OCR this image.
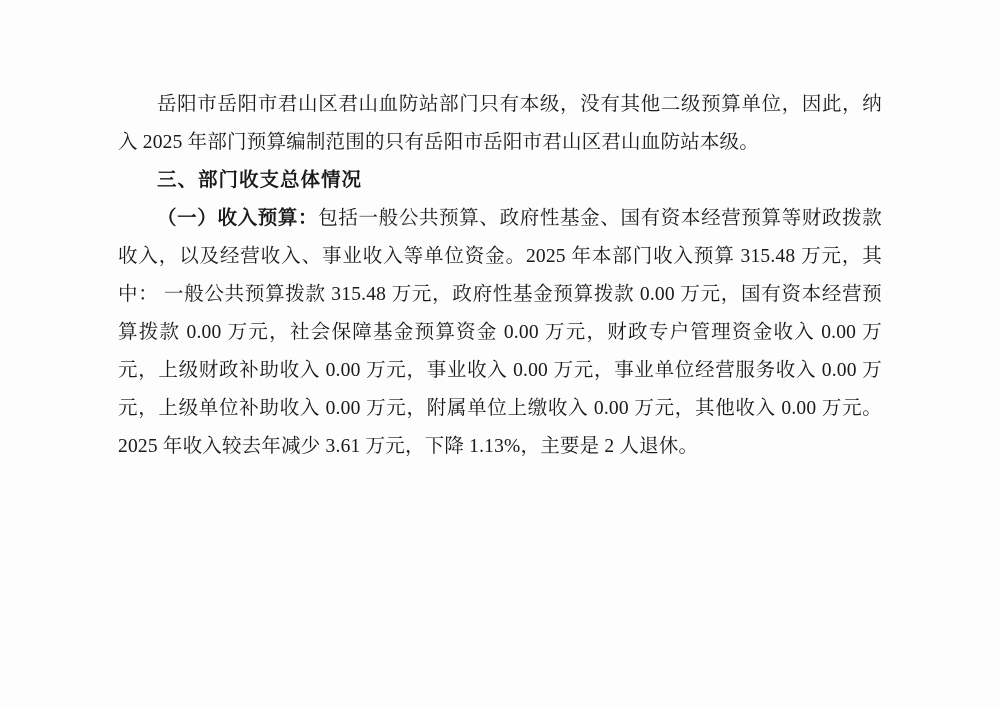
岳阳市岳阳市君山区君山血防站部门只有本级，没有其他二级预算单位，因此，纳入 2025 年部门预算编制范围的只有岳阳市岳阳市君山区君山血防站本级。

三、部门收支总体情况

（一）收入预算：包括一般公共预算、政府性基金、国有资本经营预算等财政拨款收入，以及经营收入、事业收入等单位资金。2025 年本部门收入预算 315.48 万元，其中： 一般公共预算拨款 315.48 万元，政府性基金预算拨款 0.00 万元，国有资本经营预算拨款 0.00 万元，社会保障基金预算资金 0.00 万元，财政专户管理资金收入 0.00 万元，上级财政补助收入 0.00 万元，事业收入 0.00 万元，事业单位经营服务收入 0.00 万元，上级单位补助收入 0.00 万元，附属单位上缴收入 0.00 万元，其他收入 0.00 万元。2025 年收入较去年减少 3.61 万元，下降 1.13%，主要是 2 人退休。
